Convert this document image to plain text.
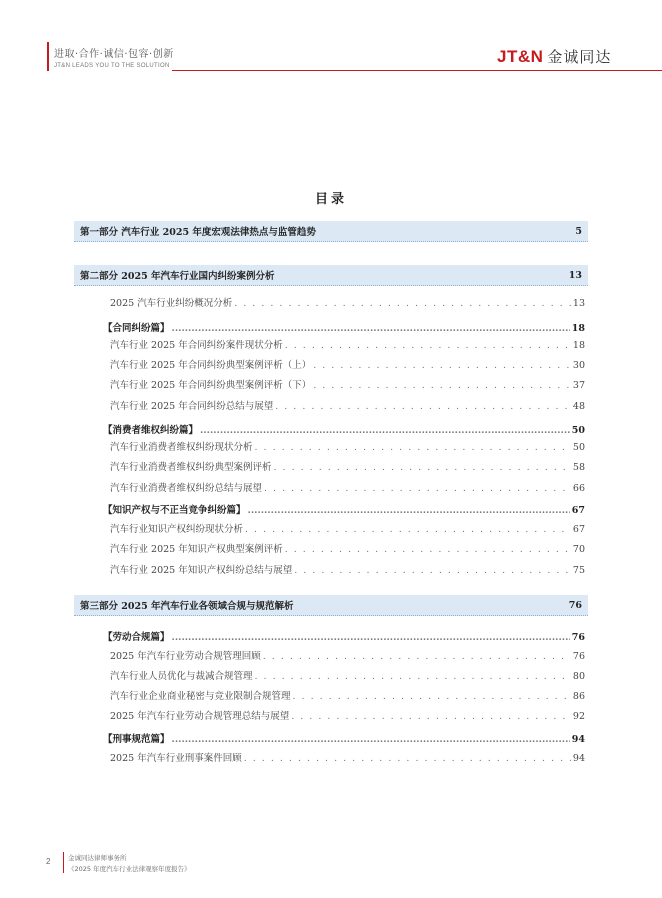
进取·合作·诚信·包容·创新
JT&N LEADS YOU TO THE SOLUTION	JT&N 金诚同达
目录
第一部分 汽车行业 2025 年度宏观法律热点与监管趋势	5
第二部分 2025 年汽车行业国内纠纷案例分析	13
2025 汽车行业纠纷概况分析 . . .	13
【合同纠纷篇】 .....	18
汽车行业 2025 年合同纠纷案件现状分析 . . .	18
汽车行业 2025 年合同纠纷典型案例评析（上） . . .	30
汽车行业 2025 年合同纠纷典型案例评析（下） . . .	37
汽车行业 2025 年合同纠纷总结与展望 . . .	48
【消费者维权纠纷篇】 .....	50
汽车行业消费者维权纠纷现状分析 . . .	50
汽车行业消费者维权纠纷典型案例评析 . . .	58
汽车行业消费者维权纠纷总结与展望 . . .	66
【知识产权与不正当竞争纠纷篇】 .....	67
汽车行业知识产权纠纷现状分析 . . .	67
汽车行业 2025 年知识产权典型案例评析 . . .	70
汽车行业 2025 年知识产权纠纷总结与展望 . . .	75
第三部分 2025 年汽车行业各领域合规与规范解析	76
【劳动合规篇】 .....	76
2025 年汽车行业劳动合规管理回顾 . . .	76
汽车行业人员优化与裁减合规管理 . . .	80
汽车行业企业商业秘密与竞业限制合规管理 . . .	86
2025 年汽车行业劳动合规管理总结与展望 . . .	92
【刑事规范篇】 .....	94
2025 年汽车行业刑事案件回顾 . . .	94
2	金诚同达律师事务所
《2025 年度汽车行业法律观察年度报告》
